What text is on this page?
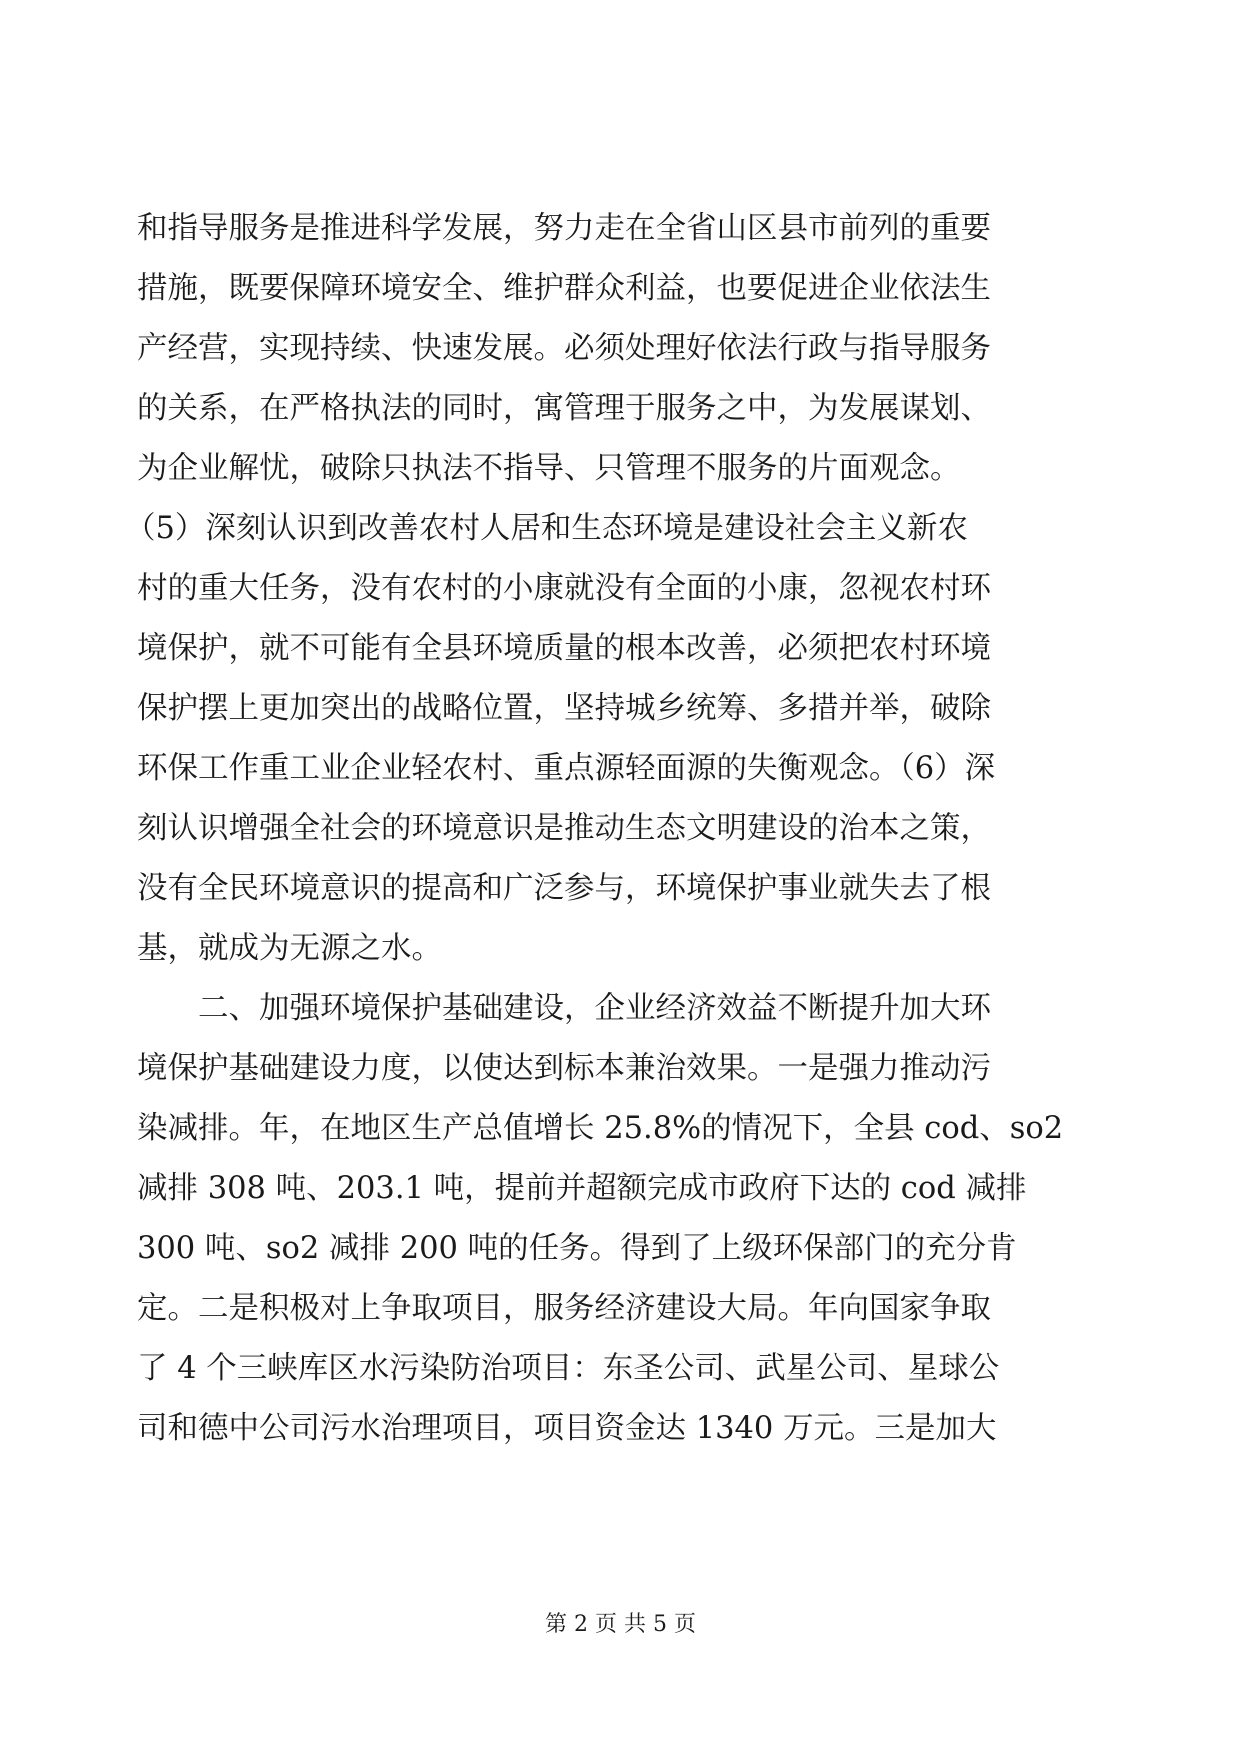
和指导服务是推进科学发展，努力走在全省山区县市前列的重要
措施，既要保障环境安全、维护群众利益，也要促进企业依法生
产经营，实现持续、快速发展。必须处理好依法行政与指导服务
的关系，在严格执法的同时，寓管理于服务之中，为发展谋划、
为企业解忧，破除只执法不指导、只管理不服务的片面观念。
（5）深刻认识到改善农村人居和生态环境是建设社会主义新农
村的重大任务，没有农村的小康就没有全面的小康，忽视农村环
境保护，就不可能有全县环境质量的根本改善，必须把农村环境
保护摆上更加突出的战略位置，坚持城乡统筹、多措并举，破除
环保工作重工业企业轻农村、重点源轻面源的失衡观念。（6）深
刻认识增强全社会的环境意识是推动生态文明建设的治本之策，
没有全民环境意识的提高和广泛参与，环境保护事业就失去了根
基，就成为无源之水。
二、加强环境保护基础建设，企业经济效益不断提升加大环
境保护基础建设力度，以使达到标本兼治效果。一是强力推动污
染减排。年，在地区生产总值增长 25.8%的情况下，全县 cod、so2
减排 308 吨、203.1 吨，提前并超额完成市政府下达的 cod 减排
300 吨、so2 减排 200 吨的任务。得到了上级环保部门的充分肯
定。二是积极对上争取项目，服务经济建设大局。年向国家争取
了 4 个三峡库区水污染防治项目：东圣公司、武星公司、星球公
司和德中公司污水治理项目，项目资金达 1340 万元。三是加大
第 2 页 共 5 页
